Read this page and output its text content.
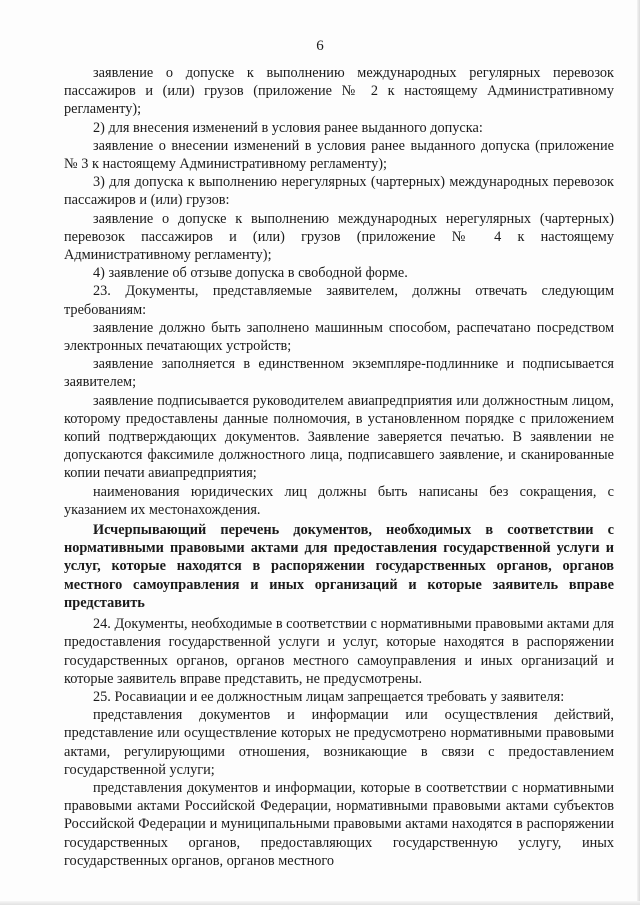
6

заявление о допуске к выполнению международных регулярных перевозок пассажиров и (или) грузов (приложение № 2 к настоящему Административному регламенту);

2) для внесения изменений в условия ранее выданного допуска:

заявление о внесении изменений в условия ранее выданного допуска (приложение № 3 к настоящему Административному регламенту);

3) для допуска к выполнению нерегулярных (чартерных) международных перевозок пассажиров и (или) грузов:

заявление о допуске к выполнению международных нерегулярных (чартерных) перевозок пассажиров и (или) грузов (приложение № 4 к настоящему Административному регламенту);

4) заявление об отзыве допуска в свободной форме.

23. Документы, представляемые заявителем, должны отвечать следующим требованиям:

заявление должно быть заполнено машинным способом, распечатано посредством электронных печатающих устройств;

заявление заполняется в единственном экземпляре-подлиннике и подписывается заявителем;

заявление подписывается руководителем авиапредприятия или должностным лицом, которому предоставлены данные полномочия, в установленном порядке с приложением копий подтверждающих документов. Заявление заверяется печатью. В заявлении не допускаются факсимиле должностного лица, подписавшего заявление, и сканированные копии печати авиапредприятия;

наименования юридических лиц должны быть написаны без сокращения, с указанием их местонахождения.

Исчерпывающий перечень документов, необходимых в соответствии с нормативными правовыми актами для предоставления государственной услуги и услуг, которые находятся в распоряжении государственных органов, органов местного самоуправления и иных организаций и которые заявитель вправе представить

24. Документы, необходимые в соответствии с нормативными правовыми актами для предоставления государственной услуги и услуг, которые находятся в распоряжении государственных органов, органов местного самоуправления и иных организаций и которые заявитель вправе представить, не предусмотрены.

25. Росавиации и ее должностным лицам запрещается требовать у заявителя:

представления документов и информации или осуществления действий, представление или осуществление которых не предусмотрено нормативными правовыми актами, регулирующими отношения, возникающие в связи с предоставлением государственной услуги;

представления документов и информации, которые в соответствии с нормативными правовыми актами Российской Федерации, нормативными правовыми актами субъектов Российской Федерации и муниципальными правовыми актами находятся в распоряжении государственных органов, предоставляющих государственную услугу, иных государственных органов, органов местного
